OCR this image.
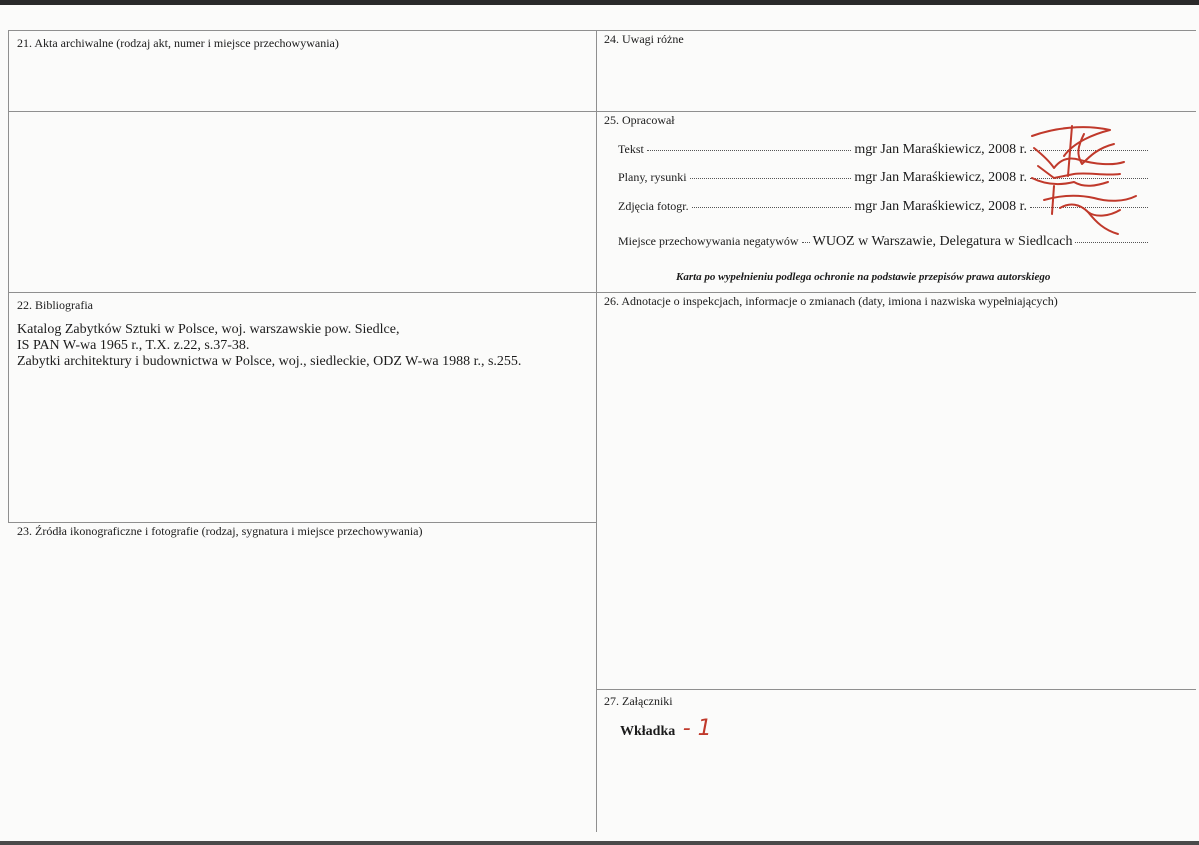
21. Akta archiwalne (rodzaj akt, numer i miejsce przechowywania)	24. Uwagi różne
25. Opracował
Tekst	mgr Jan Maraśkiewicz, 2008 r.
Plany, rysunki	mgr Jan Maraśkiewicz, 2008 r.
Zdjęcia fotogr.	mgr Jan Maraśkiewicz, 2008 r.
Miejsce przechowywania negatywów WUOZ w Warszawie, Delegatura w Siedlcach
Karta po wypełnieniu podlega ochronie na podstawie przepisów prawa autorskiego
22. Bibliografia
Katalog Zabytków Sztuki w Polsce, woj. warszawskie pow. Siedlce,
IS PAN W-wa 1965 r., T.X. z.22, s.37-38.
Zabytki architektury i budownictwa w Polsce, woj., siedleckie, ODZ W-wa 1988 r., s.255.
26. Adnotacje o inspekcjach, informacje o zmianach (daty, imiona i nazwiska wypełniających)
23. Źródła ikonograficzne i fotografie (rodzaj, sygnatura i miejsce przechowywania)
27. Załączniki
Wkładka - 1
